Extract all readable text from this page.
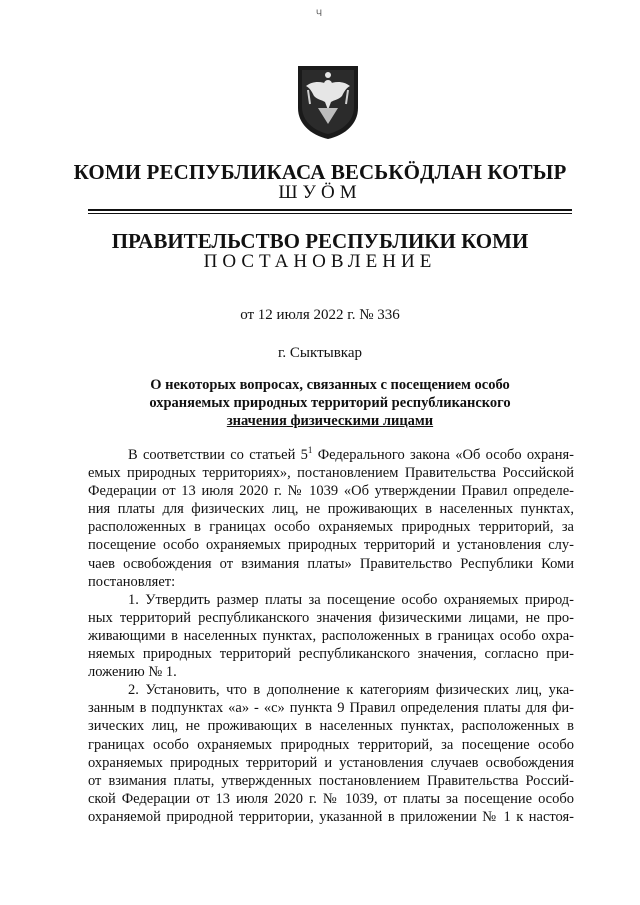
Ч
КОМИ РЕСПУБЛИКАСА ВЕСЬКӦДЛАН КОТЫР
ШУӦМ
ПРАВИТЕЛЬСТВО РЕСПУБЛИКИ КОМИ
ПОСТАНОВЛЕНИЕ
от 12 июля 2022 г. № 336
г. Сыктывкар
О некоторых вопросах, связанных с посещением особо
охраняемых природных территорий республиканского
значения физическими лицами
В соответствии со статьей $5^1$ Федерального закона «Об особо охраня-
емых природных территориях», постановлением Правительства Российской
Федерации от 13 июля 2020 г. № 1039 «Об утверждении Правил определе-
ния платы для физических лиц, не проживающих в населенных пунктах,
расположенных в границах особо охраняемых природных территорий, за
посещение особо охраняемых природных территорий и установления слу-
чаев освобождения от взимания платы» Правительство Республики Коми
постановляет:
1. Утвердить размер платы за посещение особо охраняемых природ-
ных территорий республиканского значения физическими лицами, не про-
живающими в населенных пунктах, расположенных в границах особо охра-
няемых природных территорий республиканского значения, согласно при-
ложению № 1.
2. Установить, что в дополнение к категориям физических лиц, ука-
занным в подпунктах «а» - «с» пункта 9 Правил определения платы для фи-
зических лиц, не проживающих в населенных пунктах, расположенных в
границах особо охраняемых природных территорий, за посещение особо
охраняемых природных территорий и установления случаев освобождения
от взимания платы, утвержденных постановлением Правительства Россий-
ской Федерации от 13 июля 2020 г. № 1039, от платы за посещение особо
охраняемой природной территории, указанной в приложении № 1 к настоя-
